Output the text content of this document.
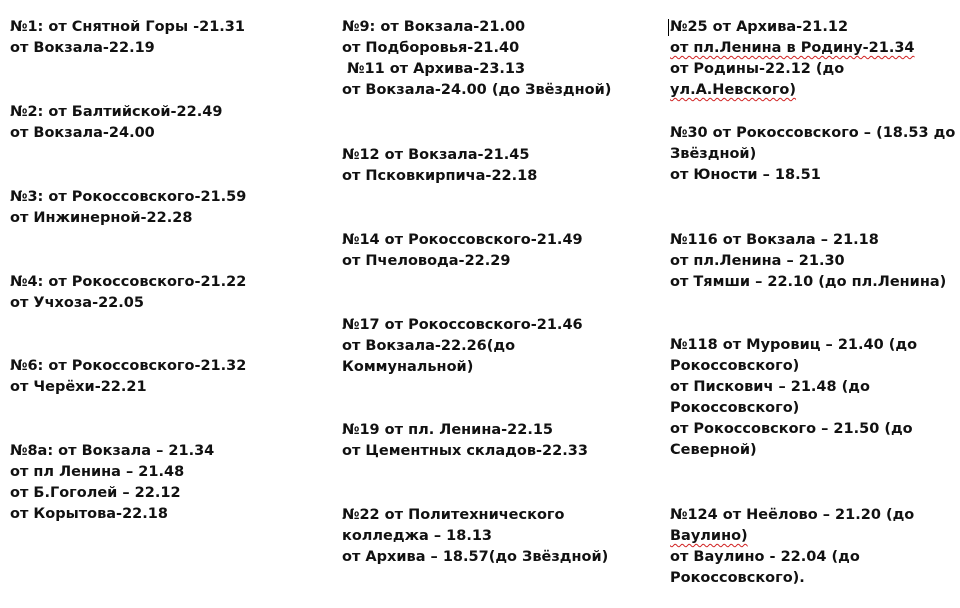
№1: от Снятной Горы -21.31
от Вокзала-22.19
№2: от Балтийской-22.49
от Вокзала-24.00
№3: от Рокоссовского-21.59
от Инжинерной-22.28
№4: от Рокоссовского-21.22
от Учхоза-22.05
№6: от Рокоссовского-21.32
от Черёхи-22.21
№8а: от Вокзала – 21.34
от пл Ленина – 21.48
от Б.Гоголей – 22.12
от Корытова-22.18
№9: от Вокзала-21.00
от Подборовья-21.40
№11 от Архива-23.13
от Вокзала-24.00 (до Звёздной)
№12 от Вокзала-21.45
от Псковкирпича-22.18
№14 от Рокоссовского-21.49
от Пчеловода-22.29
№17 от Рокоссовского-21.46
от Вокзала-22.26(до
Коммунальной)
№19 от пл. Ленина-22.15
от Цементных складов-22.33
№22 от Политехнического
колледжа – 18.13
от Архива – 18.57(до Звёздной)
№25 от Архива-21.12
от пл.Ленина в Родину-21.34
от Родины-22.12 (до
ул.А.Невского)
№30 от Рокоссовского – (18.53 до
Звёздной)
от Юности – 18.51
№116 от Вокзала – 21.18
от пл.Ленина – 21.30
от Тямши – 22.10 (до пл.Ленина)
№118 от Муровиц – 21.40 (до
Рокоссовского)
от Пискович – 21.48 (до
Рокоссовского)
от Рокоссовского – 21.50 (до
Северной)
№124 от Неёлово – 21.20 (до
Ваулино)
от Ваулино - 22.04 (до
Рокоссовского).
